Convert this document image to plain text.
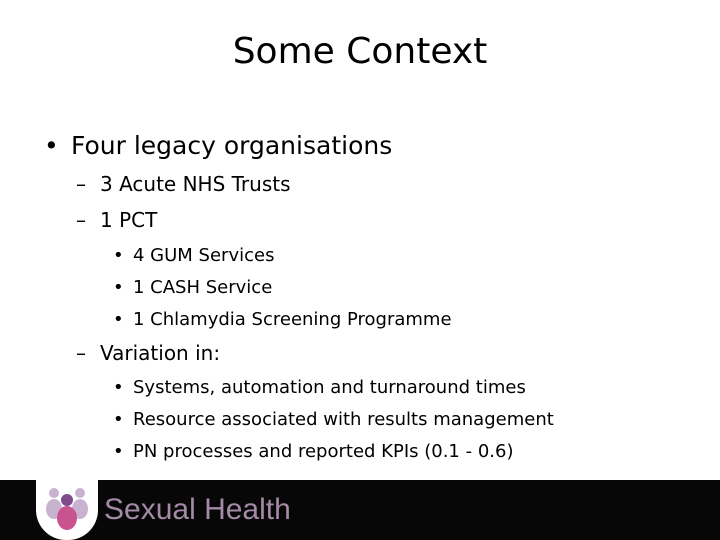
Some Context
• Four legacy organisations
– 3 Acute NHS Trusts
– 1 PCT
• 4 GUM Services
• 1 CASH Service
• 1 Chlamydia Screening Programme
– Variation in:
• Systems, automation and turnaround times
• Resource associated with results management
• PN processes and reported KPIs (0.1 - 0.6)
Sexual Health
